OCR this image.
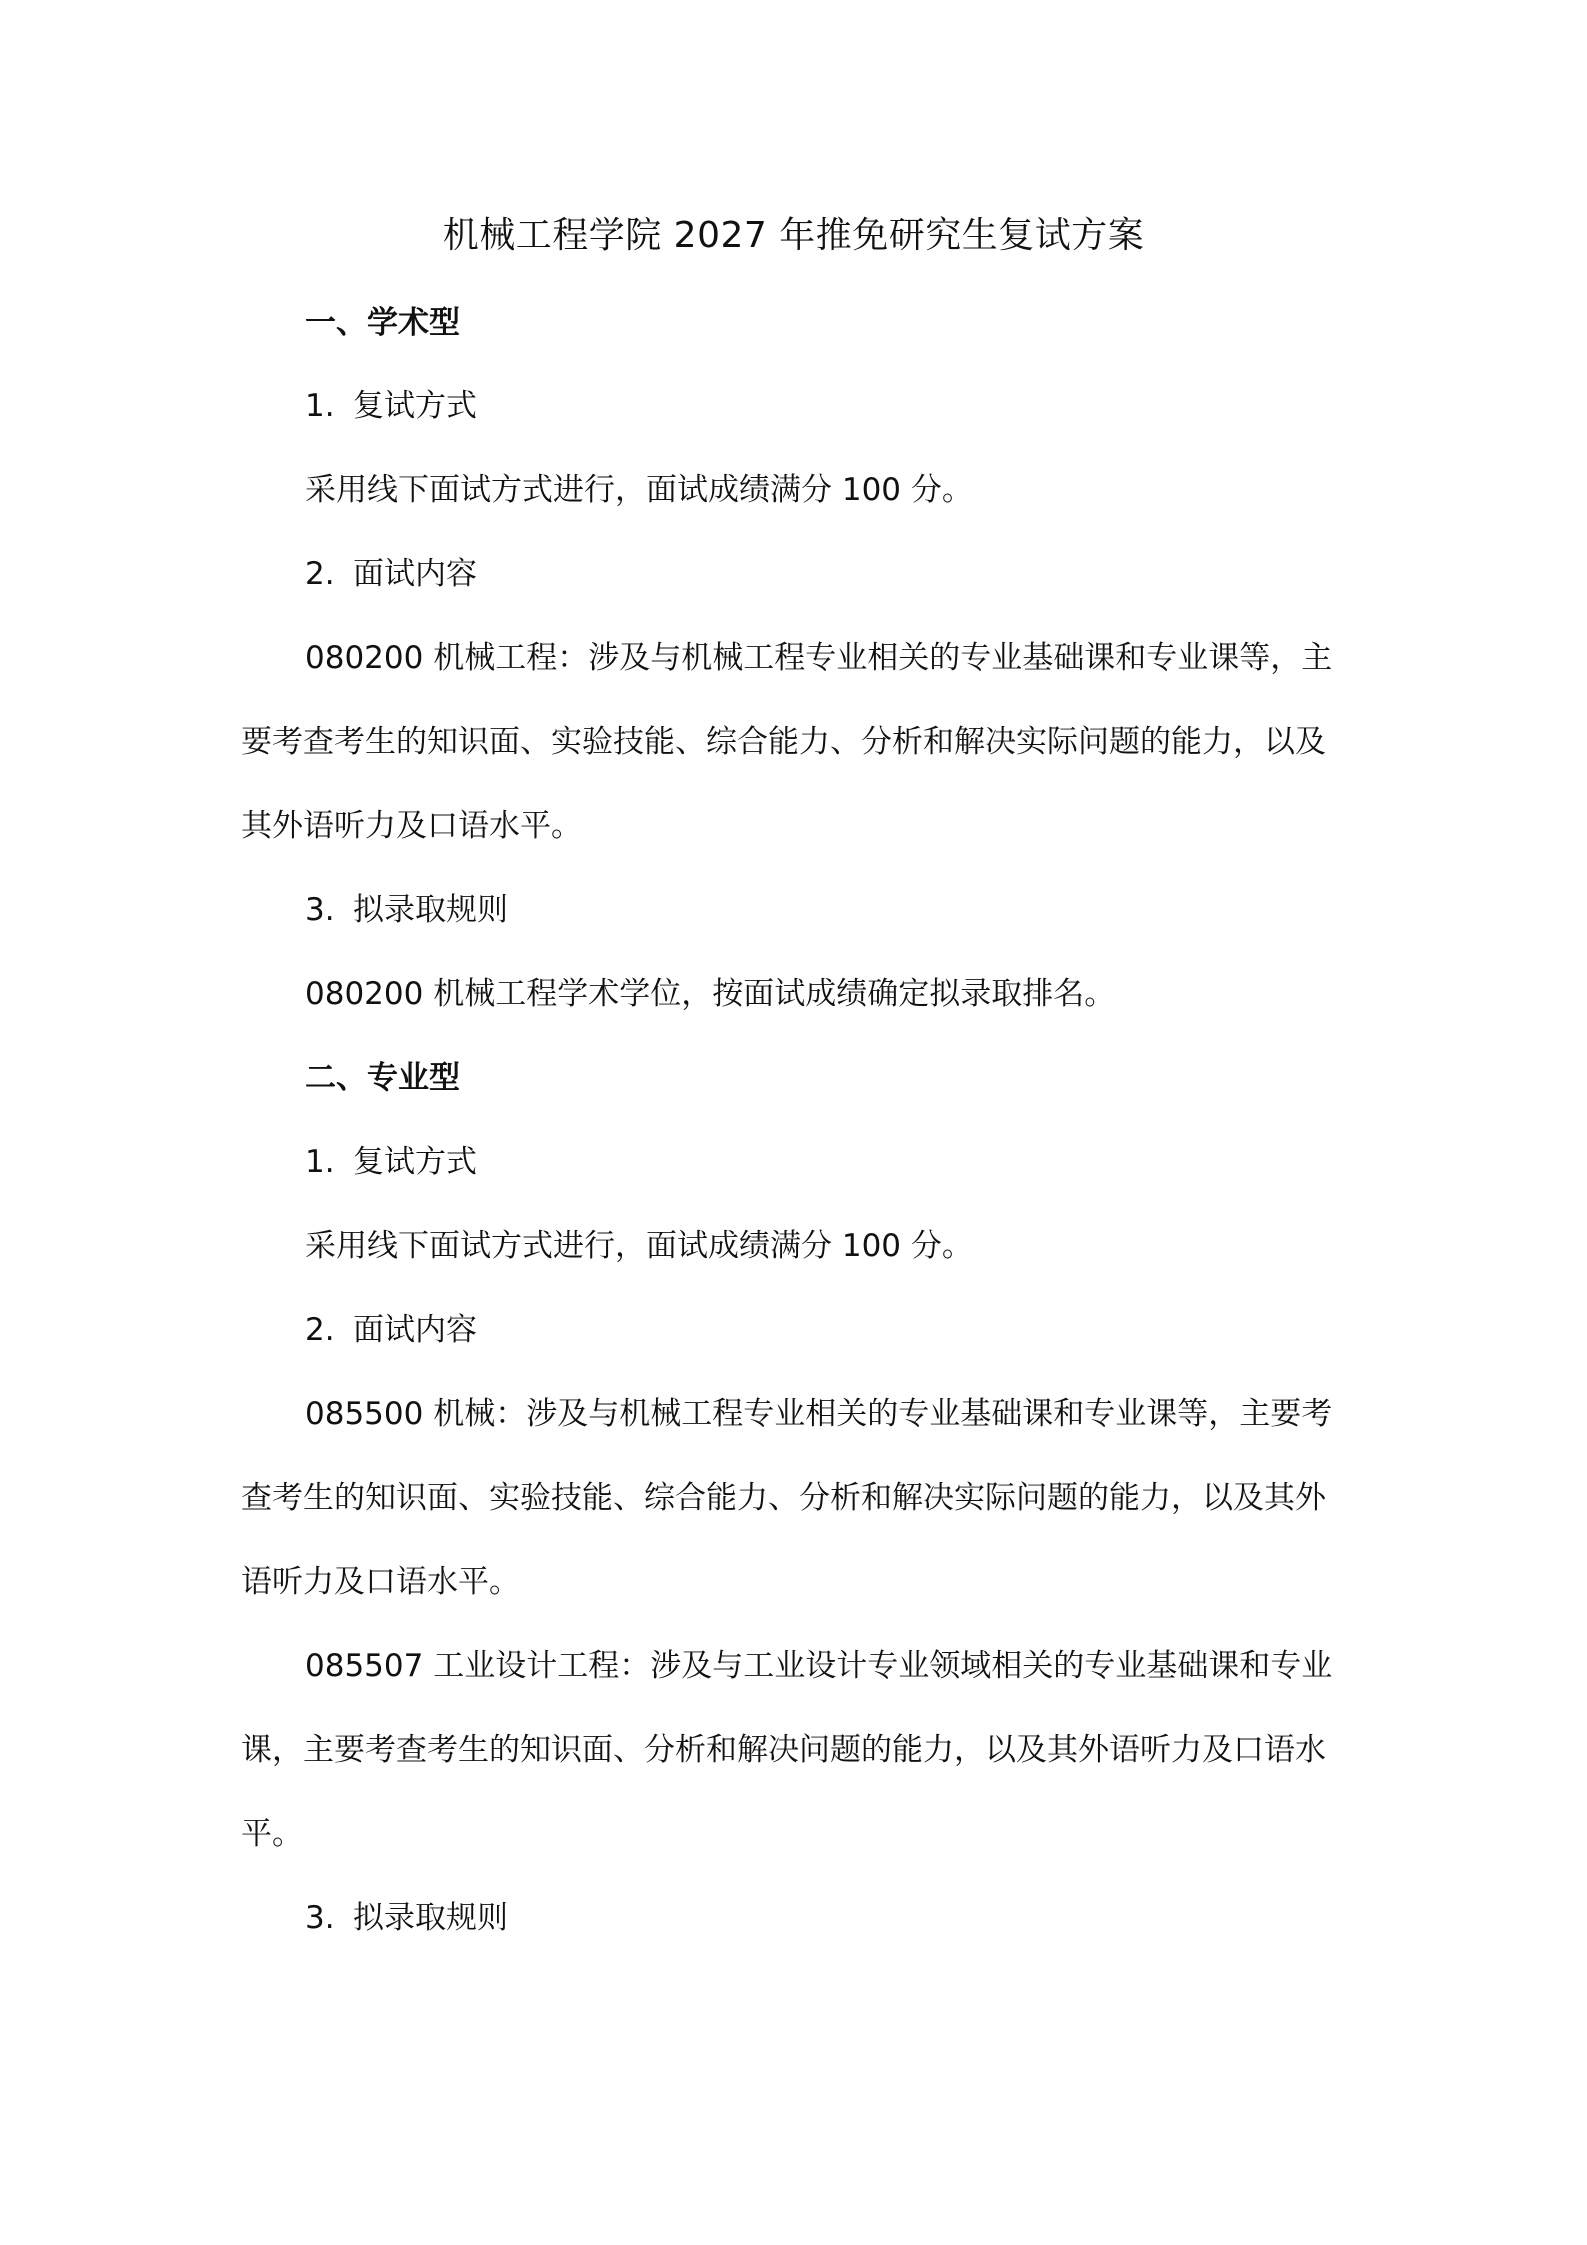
机械工程学院 2027 年推免研究生复试方案
一、学术型
1. 复试方式
采用线下面试方式进行，面试成绩满分 100 分。
2. 面试内容
080200 机械工程：涉及与机械工程专业相关的专业基础课和专业课等，主
要考查考生的知识面、实验技能、综合能力、分析和解决实际问题的能力，以及
其外语听力及口语水平。
3. 拟录取规则
080200 机械工程学术学位，按面试成绩确定拟录取排名。
二、专业型
1. 复试方式
采用线下面试方式进行，面试成绩满分 100 分。
2. 面试内容
085500 机械：涉及与机械工程专业相关的专业基础课和专业课等，主要考
查考生的知识面、实验技能、综合能力、分析和解决实际问题的能力，以及其外
语听力及口语水平。
085507 工业设计工程：涉及与工业设计专业领域相关的专业基础课和专业
课，主要考查考生的知识面、分析和解决问题的能力，以及其外语听力及口语水
平。
3. 拟录取规则
